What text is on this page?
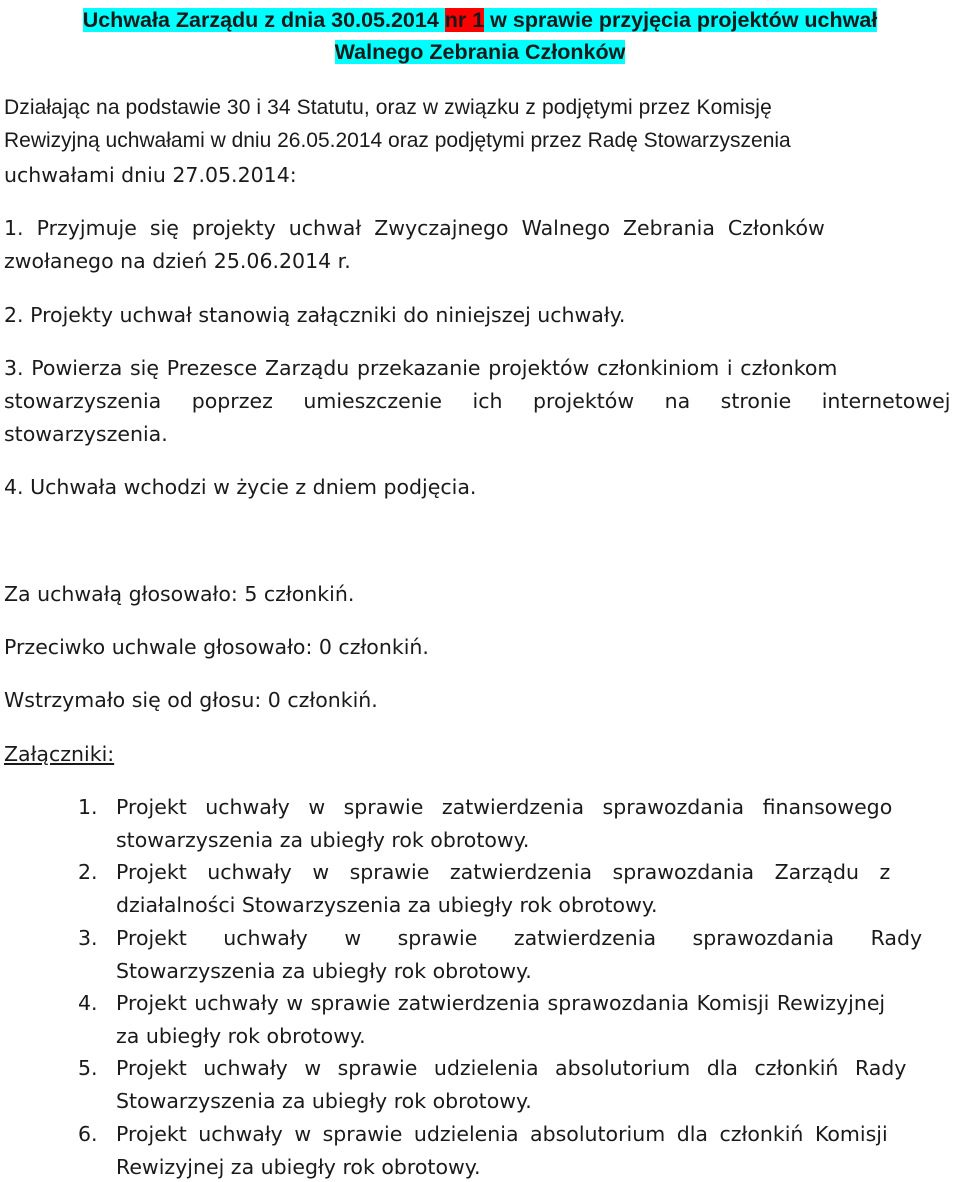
Uchwała Zarządu z dnia 30.05.2014 nr 1 w sprawie przyjęcia projektów uchwał
Walnego Zebrania Członków
Działając na podstawie 30 i 34 Statutu, oraz w związku z podjętymi przez Komisję
Rewizyjną uchwałami w dniu 26.05.2014 oraz podjętymi przez Radę Stowarzyszenia
uchwałami dniu 27.05.2014:
1. Przyjmuje się projekty uchwał Zwyczajnego Walnego Zebrania Członków
zwołanego na dzień 25.06.2014 r.
2. Projekty uchwał stanowią załączniki do niniejszej uchwały.
3. Powierza się Prezesce Zarządu przekazanie projektów członkiniom i członkom
stowarzyszenia poprzez umieszczenie ich projektów na stronie internetowej
stowarzyszenia.
4. Uchwała wchodzi w życie z dniem podjęcia.
Za uchwałą głosowało: 5 członkiń.
Przeciwko uchwale głosowało: 0 członkiń.
Wstrzymało się od głosu: 0 członkiń.
Załączniki:
1. Projekt uchwały w sprawie zatwierdzenia sprawozdania finansowego
stowarzyszenia za ubiegły rok obrotowy.
2. Projekt uchwały w sprawie zatwierdzenia sprawozdania Zarządu z
działalności Stowarzyszenia za ubiegły rok obrotowy.
3. Projekt uchwały w sprawie zatwierdzenia sprawozdania Rady
Stowarzyszenia za ubiegły rok obrotowy.
4. Projekt uchwały w sprawie zatwierdzenia sprawozdania Komisji Rewizyjnej
za ubiegły rok obrotowy.
5. Projekt uchwały w sprawie udzielenia absolutorium dla członkiń Rady
Stowarzyszenia za ubiegły rok obrotowy.
6. Projekt uchwały w sprawie udzielenia absolutorium dla członkiń Komisji
Rewizyjnej za ubiegły rok obrotowy.
